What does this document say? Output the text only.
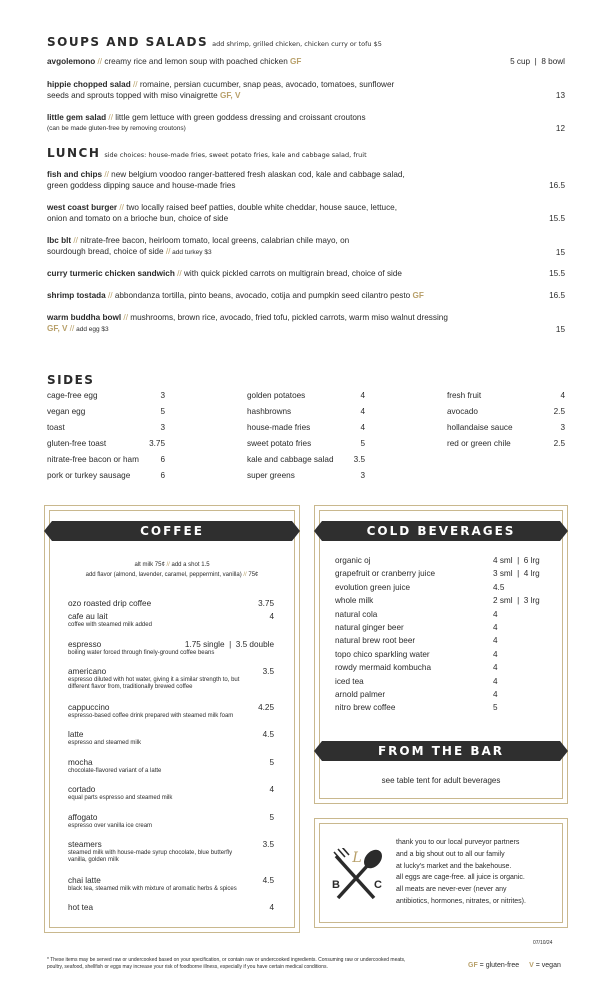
SOUPS AND SALADS add shrimp, grilled chicken, chicken curry or tofu $5
avgolemono // creamy rice and lemon soup with poached chicken GF	5 cup  |  8 bowl
hippie chopped salad // romaine, persian cucumber, snap peas, avocado, tomatoes, sunflower seeds and sprouts topped with miso vinaigrette GF, V	13
little gem salad // little gem lettuce with green goddess dressing and croissant croutons
(can be made gluten-free by removing croutons)	12
LUNCH side choices: house-made fries, sweet potato fries, kale and cabbage salad, fruit
fish and chips // new belgium voodoo ranger-battered fresh alaskan cod, kale and cabbage salad, green goddess dipping sauce and house-made fries	16.5
west coast burger // two locally raised beef patties, double white cheddar, house sauce, lettuce, onion and tomato on a brioche bun, choice of side	15.5
lbc blt // nitrate-free bacon, heirloom tomato, local greens, calabrian chile mayo, on sourdough bread, choice of side // add turkey $3	15
curry turmeric chicken sandwich // with quick pickled carrots on multigrain bread, choice of side	15.5
shrimp tostada // abbondanza tortilla, pinto beans, avocado, cotija and pumpkin seed cilantro pesto GF	16.5
warm buddha bowl // mushrooms, brown rice, avocado, fried tofu, pickled carrots, warm miso walnut dressing GF, V // add egg $3	15
SIDES
cage-free egg	3
vegan egg	5
toast	3
gluten-free toast	3.75
nitrate-free bacon or ham	6
pork or turkey sausage	6
golden potatoes	4
hashbrowns	4
house-made fries	4
sweet potato fries	5
kale and cabbage salad 3.5
super greens	3
fresh fruit	4
avocado	2.5
hollandaise sauce	3
red or green chile	2.5
COFFEE
alt milk 75¢ // add a shot 1.5
add flavor (almond, lavender, caramel, peppermint, vanilla) // 75¢
ozo roasted drip coffee	3.75
cafe au lait	4
coffee with steamed milk added
espresso	1.75 single  |  3.5 double
boiling water forced through finely-ground coffee beans
americano	3.5
espresso diluted with hot water, giving it a similar strength to, but different flavor from, traditionally brewed coffee
cappuccino	4.25
espresso-based coffee drink prepared with steamed milk foam
latte	4.5
espresso and steamed milk
mocha	5
chocolate-flavored variant of a latte
cortado	4
equal parts espresso and steamed milk
affogato	5
espresso over vanilla ice cream
steamers	3.5
steamed milk with house-made syrup chocolate, blue butterfly vanilla, golden milk
chai latte	4.5
black tea, steamed milk with mixture of aromatic herbs & spices
hot tea	4
COLD BEVERAGES
organic oj	4 sml  |  6 lrg
grapefruit or cranberry juice	3 sml  |  4 lrg
evolution green juice	4.5
whole milk	2 sml  |  3 lrg
natural cola	4
natural ginger beer	4
natural brew root beer	4
topo chico sparkling water	4
rowdy mermaid kombucha	4
iced tea	4
arnold palmer	4
nitro brew coffee	5
FROM THE BAR
see table tent for adult beverages
L
B	C
thank you to our local purveyor partners
and a big shout out to all our family
at lucky's market and the bakehouse.
all eggs are cage-free. all juice is organic.
all meats are never-ever (never any
antibiotics, hormones, nitrates, or nitrites).
07/10/24
* These items may be served raw or undercooked based on your specification, or contain raw or undercooked ingredients. Consuming raw or undercooked meats, poultry, seafood, shellfish or eggs may increase your risk of foodborne illness, especially if you have certain medical conditions.	GF = gluten-free V = vegan
